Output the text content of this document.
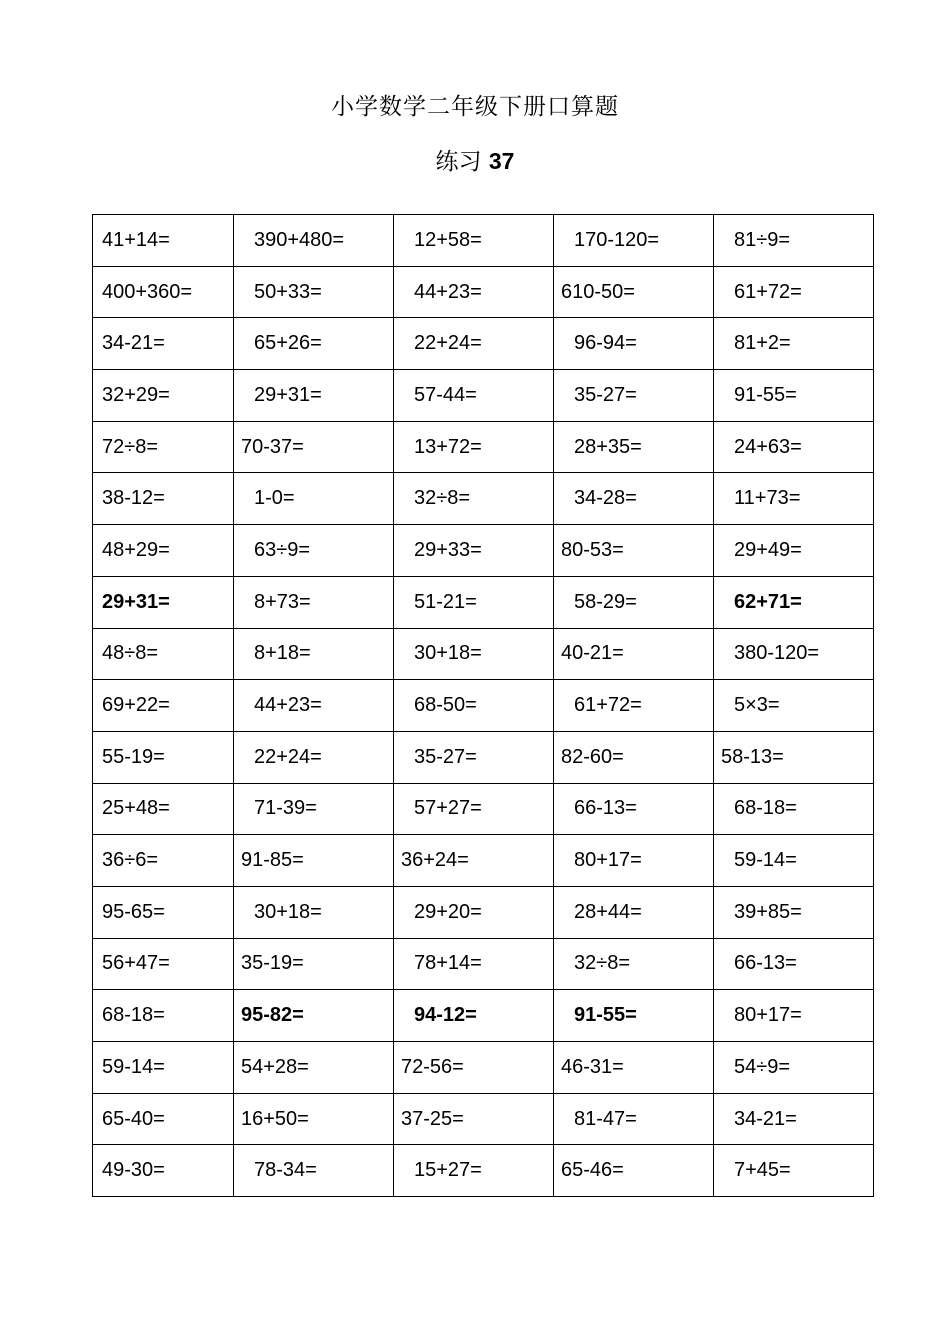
小学数学二年级下册口算题
练习 37
41+14=	390+480=	12+58=	170-120=	81÷9=
400+360=	50+33=	44+23=	610-50=	61+72=
34-21=	65+26=	22+24=	96-94=	81+2=
32+29=	29+31=	57-44=	35-27=	91-55=
72÷8=	70-37=	13+72=	28+35=	24+63=
38-12=	1-0=	32÷8=	34-28=	11+73=
48+29=	63÷9=	29+33=	80-53=	29+49=
29+31=	8+73=	51-21=	58-29=	62+71=
48÷8=	8+18=	30+18=	40-21=	380-120=
69+22=	44+23=	68-50=	61+72=	5×3=
55-19=	22+24=	35-27=	82-60=	58-13=
25+48=	71-39=	57+27=	66-13=	68-18=
36÷6=	91-85=	36+24=	80+17=	59-14=
95-65=	30+18=	29+20=	28+44=	39+85=
56+47=	35-19=	78+14=	32÷8=	66-13=
68-18=	95-82=	94-12=	91-55=	80+17=
59-14=	54+28=	72-56=	46-31=	54÷9=
65-40=	16+50=	37-25=	81-47=	34-21=
49-30=	78-34=	15+27=	65-46=	7+45=
